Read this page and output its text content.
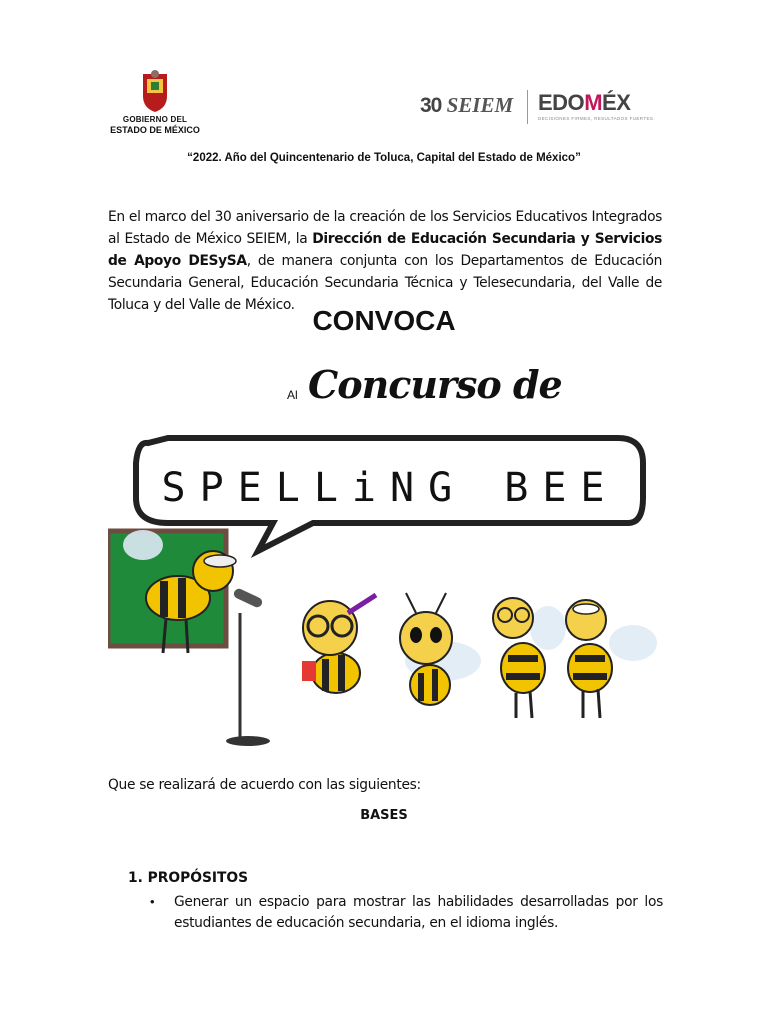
GOBIERNO DEL
ESTADO DE MÉXICO
30 SEIEM EDOMÉX
DECISIONES FIRMES, RESULTADOS FUERTES.
“2022. Año del Quincentenario de Toluca, Capital del Estado de México”
En el marco del 30 aniversario de la creación de los Servicios Educativos Integrados al Estado de México SEIEM, la Dirección de Educación Secundaria y Servicios de Apoyo DESySA, de manera conjunta con los Departamentos de Educación Secundaria General, Educación Secundaria Técnica y Telesecundaria, del Valle de Toluca y del Valle de México. CONVOCA
Al Concurso de
SPELLiNG BEE
Que se realizará de acuerdo con las siguientes:
BASES
1. PROPÓSITOS
• Generar un espacio para mostrar las habilidades desarrolladas por los estudiantes de educación secundaria, en el idioma inglés.
